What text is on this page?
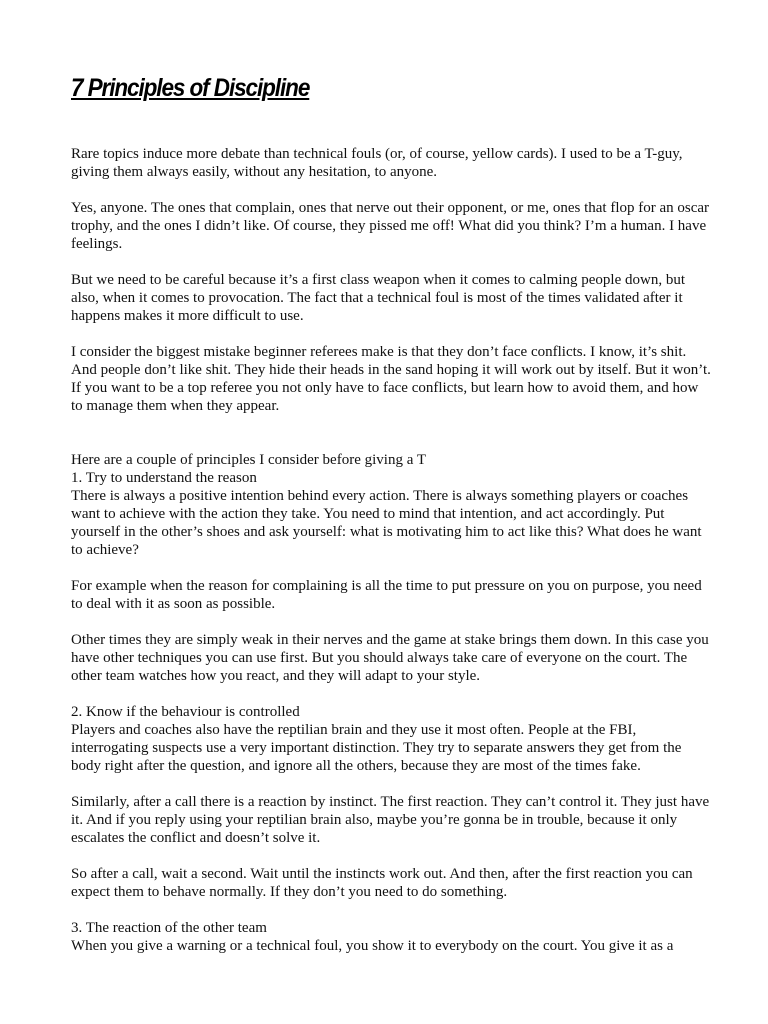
7 Principles of Discipline

Rare topics induce more debate than technical fouls (or, of course, yellow cards). I used to be a T-guy, giving them always easily, without any hesitation, to anyone.

Yes, anyone. The ones that complain, ones that nerve out their opponent, or me, ones that flop for an oscar trophy, and the ones I didn’t like. Of course, they pissed me off! What did you think? I’m a human. I have feelings.

But we need to be careful because it’s a first class weapon when it comes to calming people down, but also, when it comes to provocation. The fact that a technical foul is most of the times validated after it happens makes it more difficult to use.

I consider the biggest mistake beginner referees make is that they don’t face conflicts. I know, it’s shit. And people don’t like shit. They hide their heads in the sand hoping it will work out by itself. But it won’t. If you want to be a top referee you not only have to face conflicts, but learn how to avoid them, and how to manage them when they appear.

Here are a couple of principles I consider before giving a T

1. Try to understand the reason

There is always a positive intention behind every action. There is always something players or coaches want to achieve with the action they take. You need to mind that intention, and act accordingly. Put yourself in the other’s shoes and ask yourself: what is motivating him to act like this? What does he want to achieve?

For example when the reason for complaining is all the time to put pressure on you on purpose, you need to deal with it as soon as possible.

Other times they are simply weak in their nerves and the game at stake brings them down. In this case you have other techniques you can use first. But you should always take care of everyone on the court. The other team watches how you react, and they will adapt to your style.

2. Know if the behaviour is controlled

Players and coaches also have the reptilian brain and they use it most often. People at the FBI, interrogating suspects use a very important distinction. They try to separate answers they get from the body right after the question, and ignore all the others, because they are most of the times fake.

Similarly, after a call there is a reaction by instinct. The first reaction. They can’t control it. They just have it. And if you reply using your reptilian brain also, maybe you’re gonna be in trouble, because it only escalates the conflict and doesn’t solve it.

So after a call, wait a second. Wait until the instincts work out. And then, after the first reaction you can expect them to behave normally. If they don’t you need to do something.

3. The reaction of the other team

When you give a warning or a technical foul, you show it to everybody on the court. You give it as a
